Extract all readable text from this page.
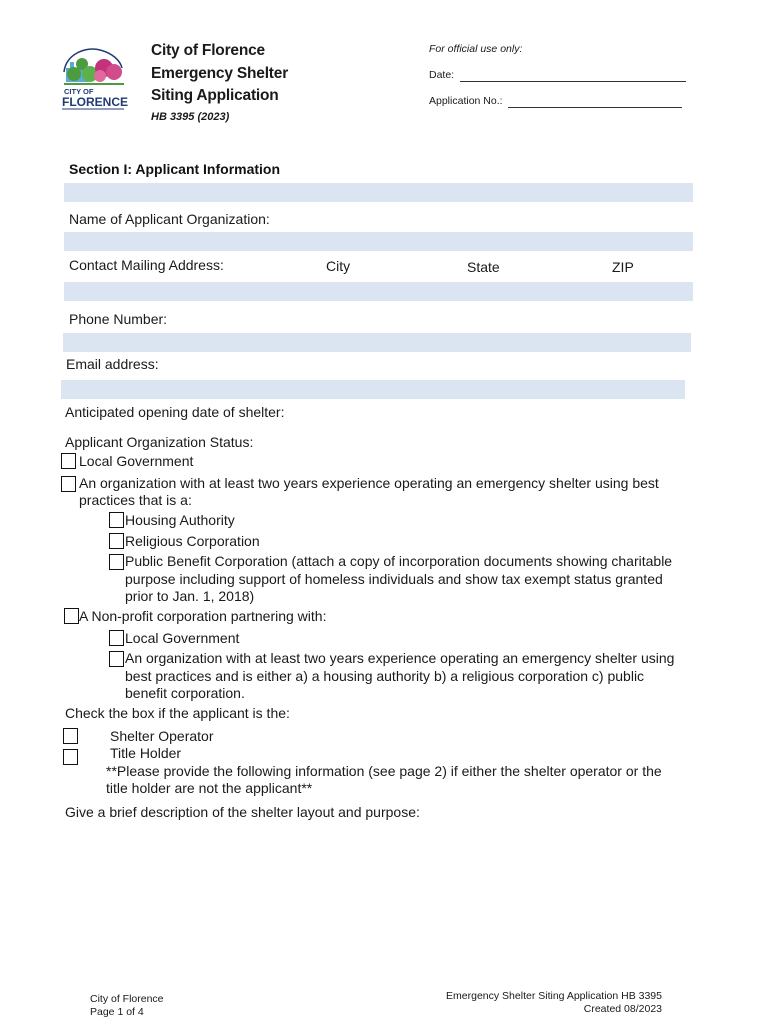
CITY OF
FLORENCE
City of Florence
Emergency Shelter
Siting Application
HB 3395 (2023)
For official use only:
Date:
Application No.:
Section I: Applicant Information
Name of Applicant Organization:
Contact Mailing Address:	City	State	ZIP
Phone Number:
Email address:
Anticipated opening date of shelter:
Applicant Organization Status:
Local Government
An organization with at least two years experience operating an emergency shelter using best
practices that is a:
Housing Authority
Religious Corporation
Public Benefit Corporation (attach a copy of incorporation documents showing charitable
purpose including support of homeless individuals and show tax exempt status granted
prior to Jan. 1, 2018)
A Non-profit corporation partnering with:
Local Government
An organization with at least two years experience operating an emergency shelter using
best practices and is either a) a housing authority b) a religious corporation c) public
benefit corporation.
Check the box if the applicant is the:
Shelter Operator
Title Holder
**Please provide the following information (see page 2) if either the shelter operator or the
title holder are not the applicant**
Give a brief description of the shelter layout and purpose:
City of Florence
Page 1 of 4
Emergency Shelter Siting Application HB 3395
Created 08/2023
